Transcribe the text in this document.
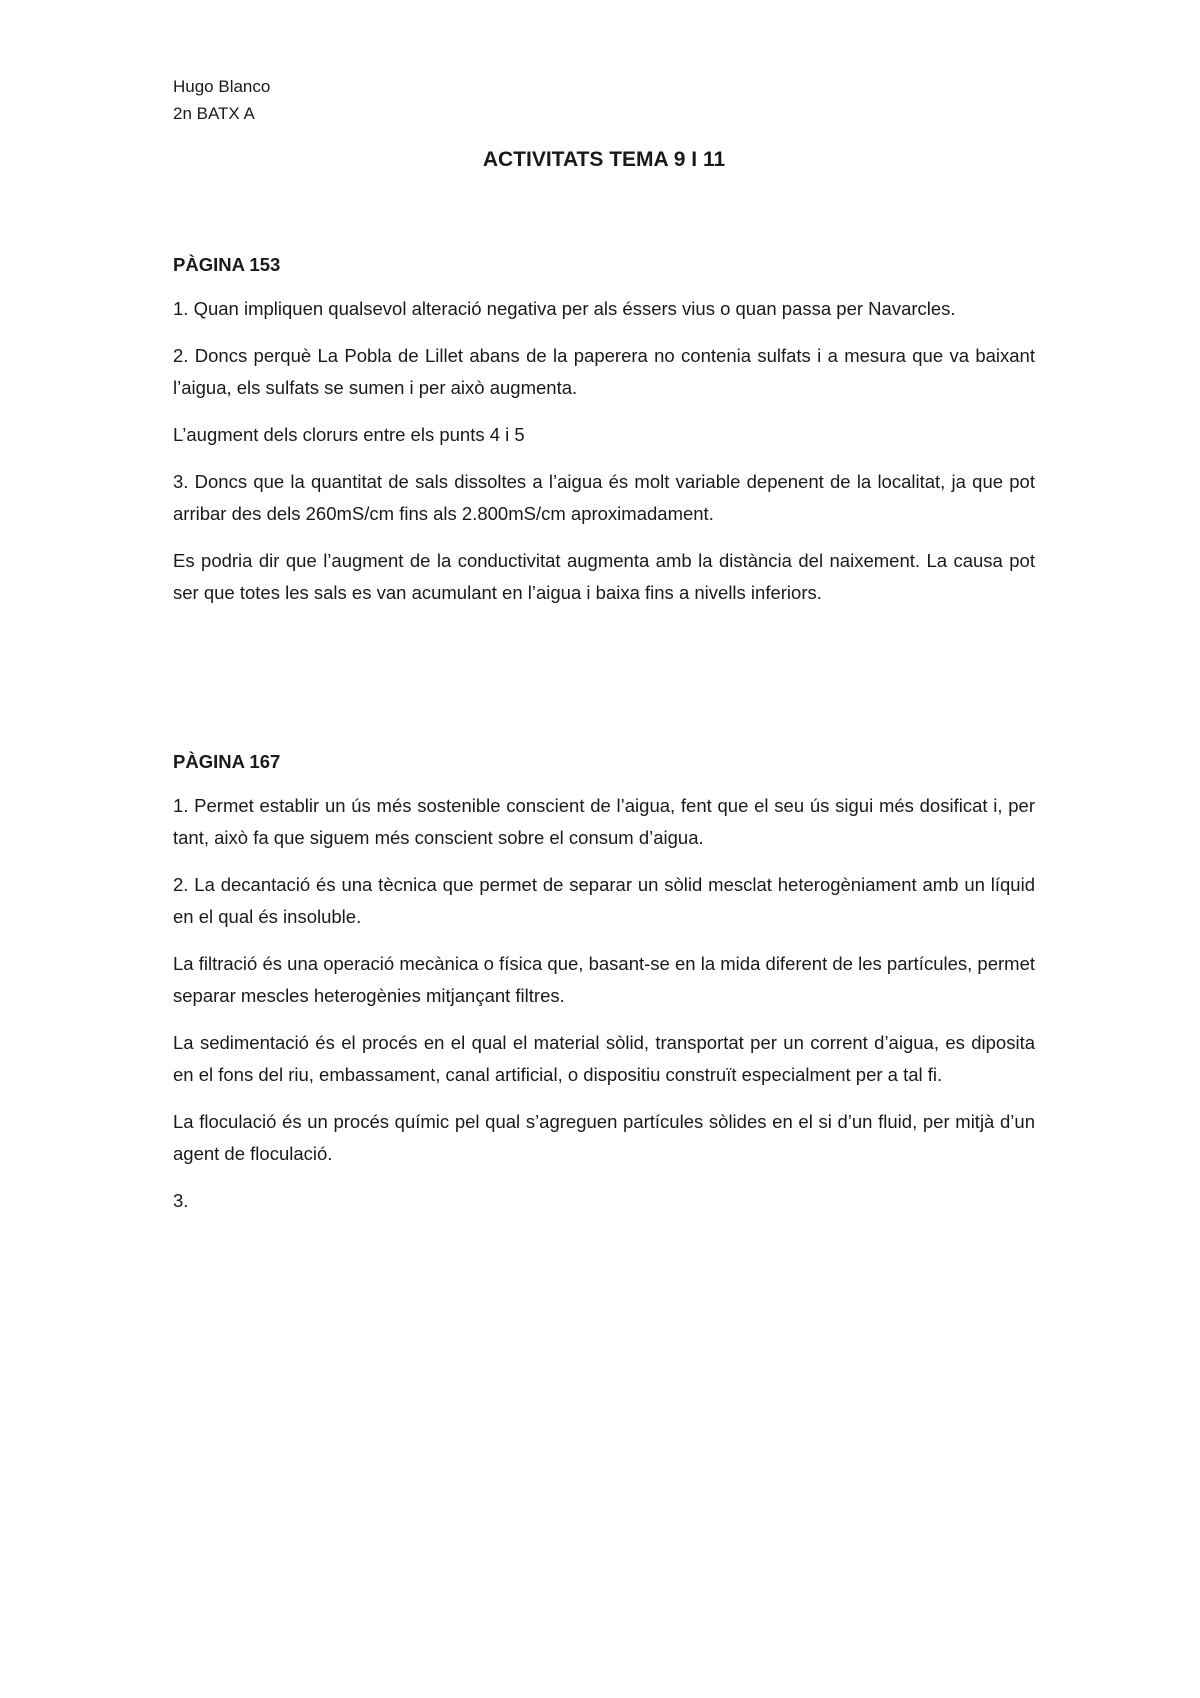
Hugo Blanco

2n BATX A

ACTIVITATS TEMA 9 I 11

PÀGINA 153

1. Quan impliquen qualsevol alteració negativa per als éssers vius o quan passa per Navarcles.

2. Doncs perquè La Pobla de Lillet abans de la paperera no contenia sulfats i a mesura que va baixant l’aigua, els sulfats se sumen i per això augmenta.

L’augment dels clorurs entre els punts 4 i 5

3. Doncs que la quantitat de sals dissoltes a l’aigua és molt variable depenent de la localitat, ja que pot arribar des dels 260mS/cm fins als 2.800mS/cm aproximadament.

Es podria dir que l’augment de la conductivitat augmenta amb la distància del naixement. La causa pot ser que totes les sals es van acumulant en l’aigua i baixa fins a nivells inferiors.

PÀGINA 167

1. Permet establir un ús més sostenible conscient de l’aigua, fent que el seu ús sigui més dosificat i, per tant, això fa que siguem més conscient sobre el consum d’aigua.

2. La decantació és una tècnica que permet de separar un sòlid mesclat heterogèniament amb un líquid en el qual és insoluble.

La filtració és una operació mecànica o física que, basant-se en la mida diferent de les partícules, permet separar mescles heterogènies mitjançant filtres.

La sedimentació és el procés en el qual el material sòlid, transportat per un corrent d’aigua, es diposita en el fons del riu, embassament, canal artificial, o dispositiu construït especialment per a tal fi.

La floculació és un procés químic pel qual s’agreguen partícules sòlides en el si d’un fluid, per mitjà d’un agent de floculació.

3.
